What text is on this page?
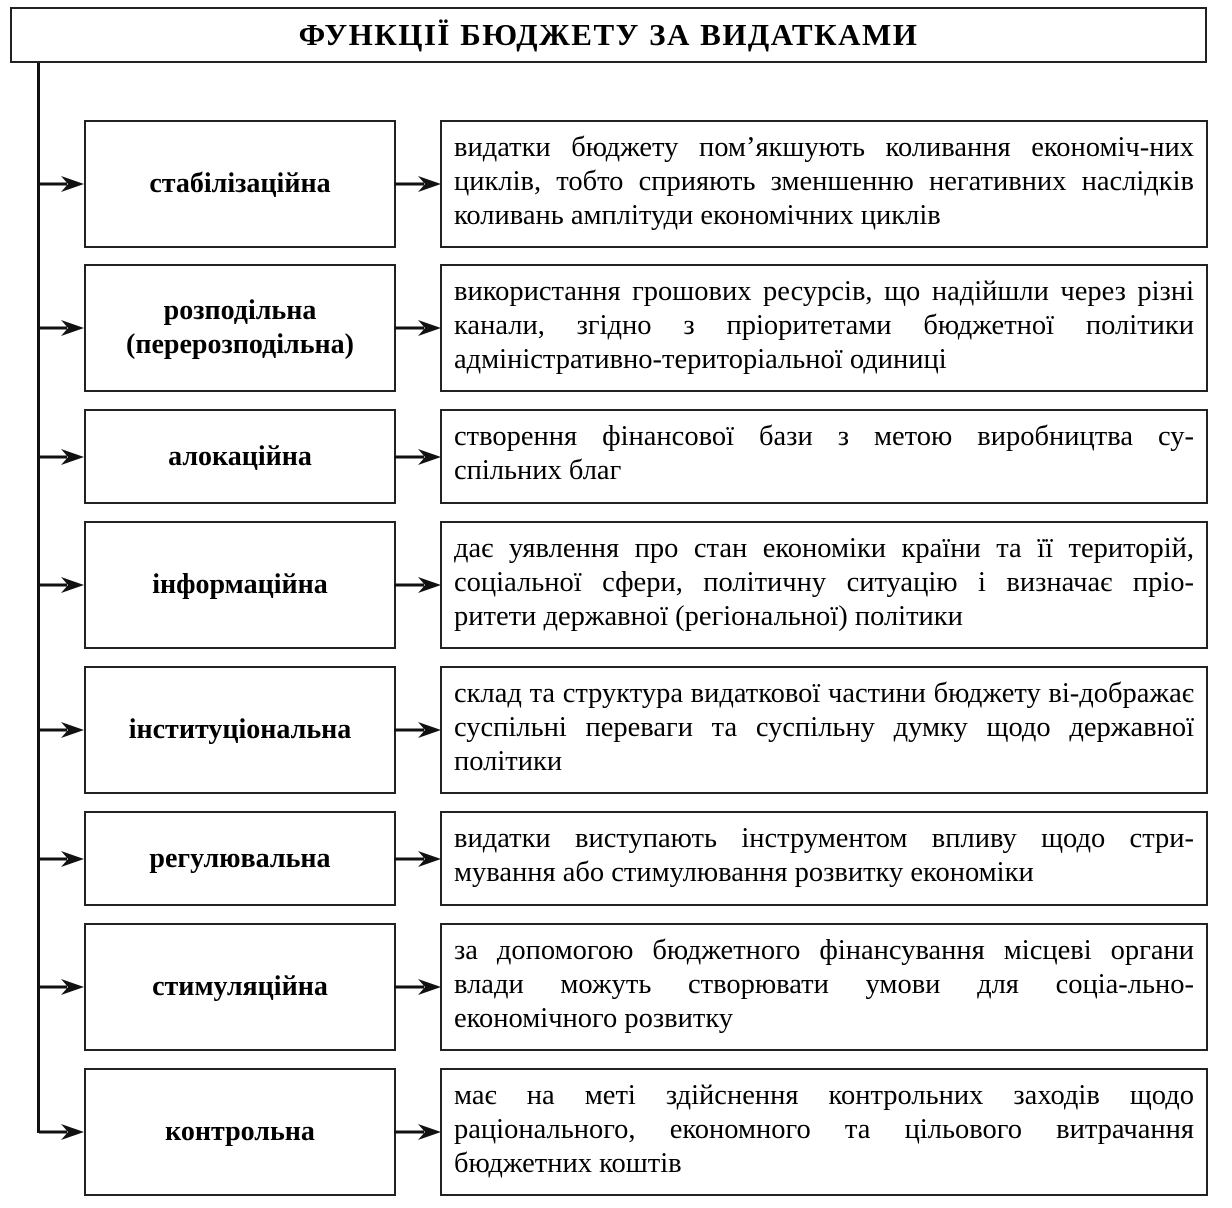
ФУНКЦІЇ БЮДЖЕТУ ЗА ВИДАТКАМИ
стабілізаційна
видатки бюджету пом’якшують коливання економіч-них циклів, тобто сприяють зменшенню негативних наслідків коливань амплітуди економічних циклів
розподільна (перерозподільна)
використання грошових ресурсів, що надійшли через різні канали, згідно з пріоритетами бюджетної політики адміністративно-територіальної одиниці
алокаційна
створення фінансової бази з метою виробництва су-спільних благ
інформаційна
дає уявлення про стан економіки країни та її територій, соціальної сфери, політичну ситуацію і визначає пріо-ритети державної (регіональної) політики
інституціональна
склад та структура видаткової частини бюджету ві-дображає суспільні переваги та суспільну думку щодо державної політики
регулювальна
видатки виступають інструментом впливу щодо стри-мування або стимулювання розвитку економіки
стимуляційна
за допомогою бюджетного фінансування місцеві органи влади можуть створювати умови для соціа-льно-економічного розвитку
контрольна
має на меті здійснення контрольних заходів щодо раціонального, економного та цільового витрачання бюджетних коштів
